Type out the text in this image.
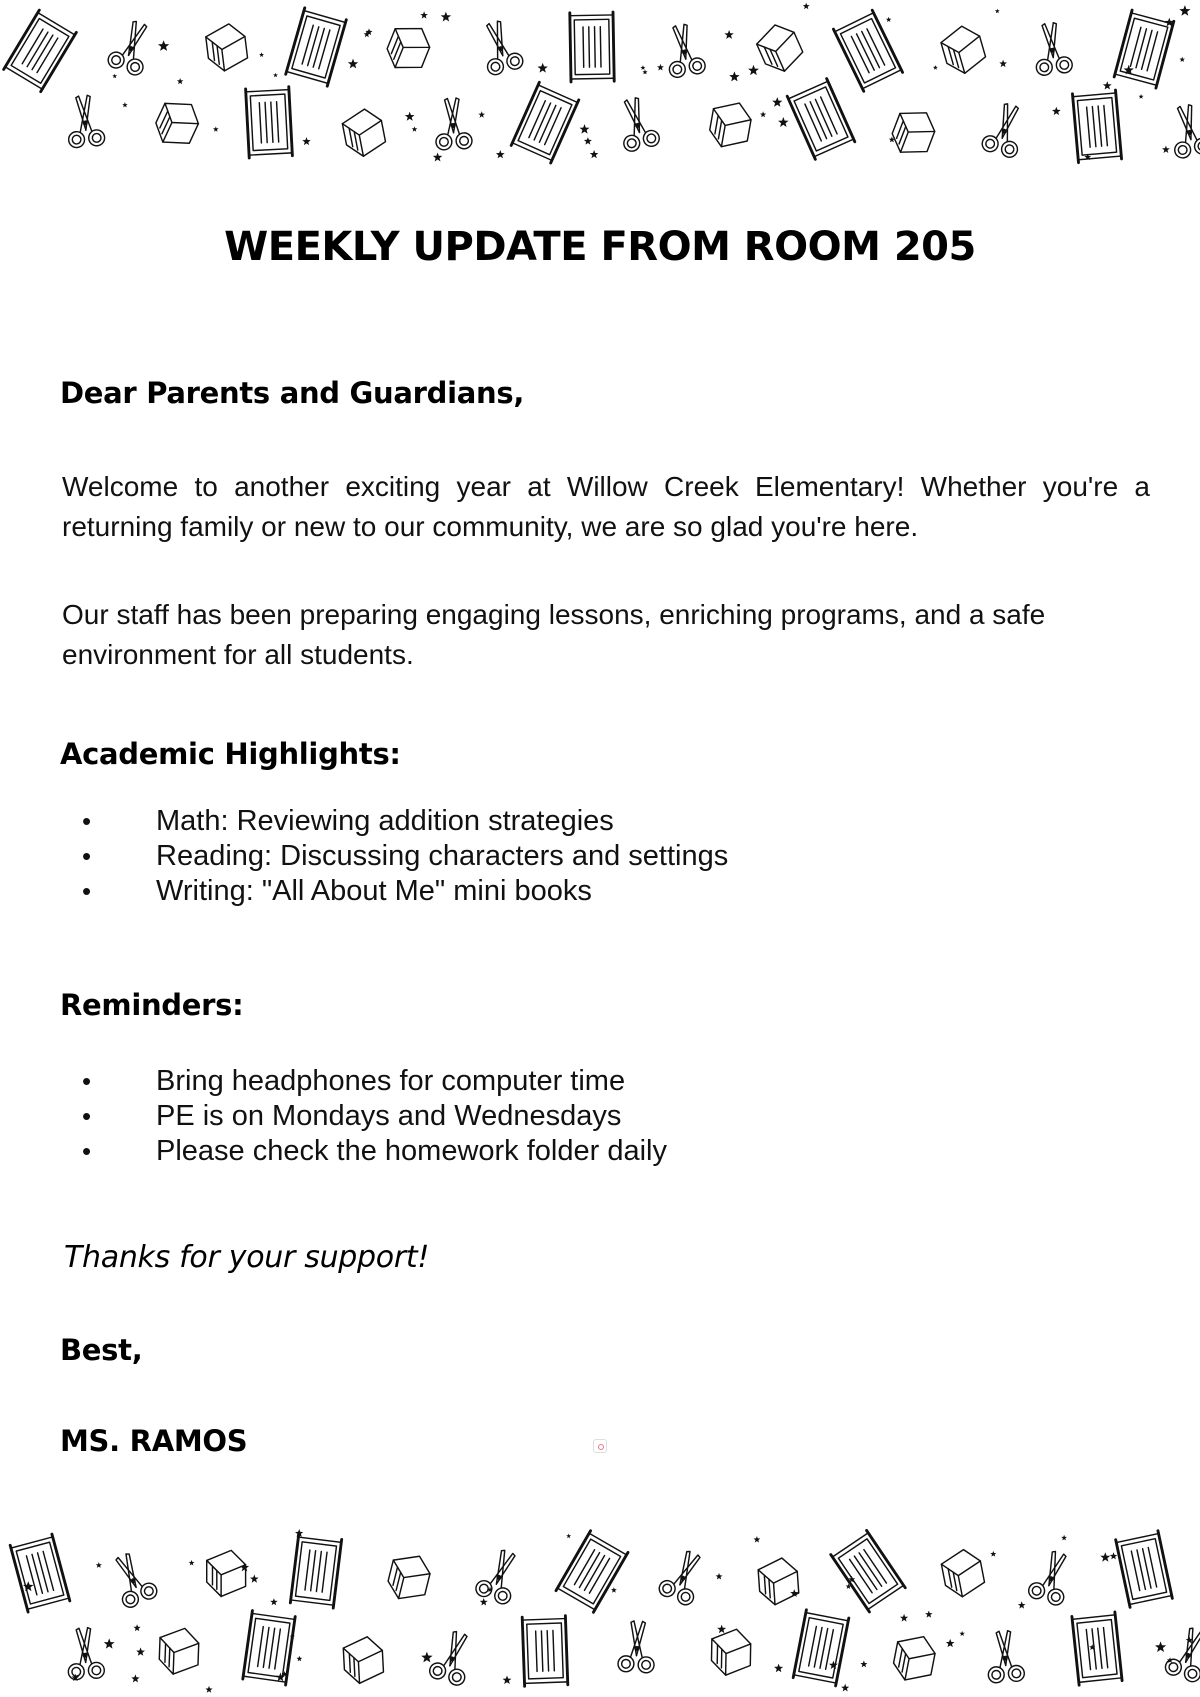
WEEKLY UPDATE FROM ROOM 205
Dear Parents and Guardians,

Welcome to another exciting year at Willow Creek Elementary! Whether you're a returning family or new to our community, we are so glad you're here.

Our staff has been preparing engaging lessons, enriching programs, and a safe environment for all students.

Academic Highlights:
• Math: Reviewing addition strategies
• Reading: Discussing characters and settings
• Writing: "All About Me" mini books
Reminders:
• Bring headphones for computer time
• PE is on Mondays and Wednesdays
• Please check the homework folder daily

Thanks for your support!

Best,
MS. RAMOS
